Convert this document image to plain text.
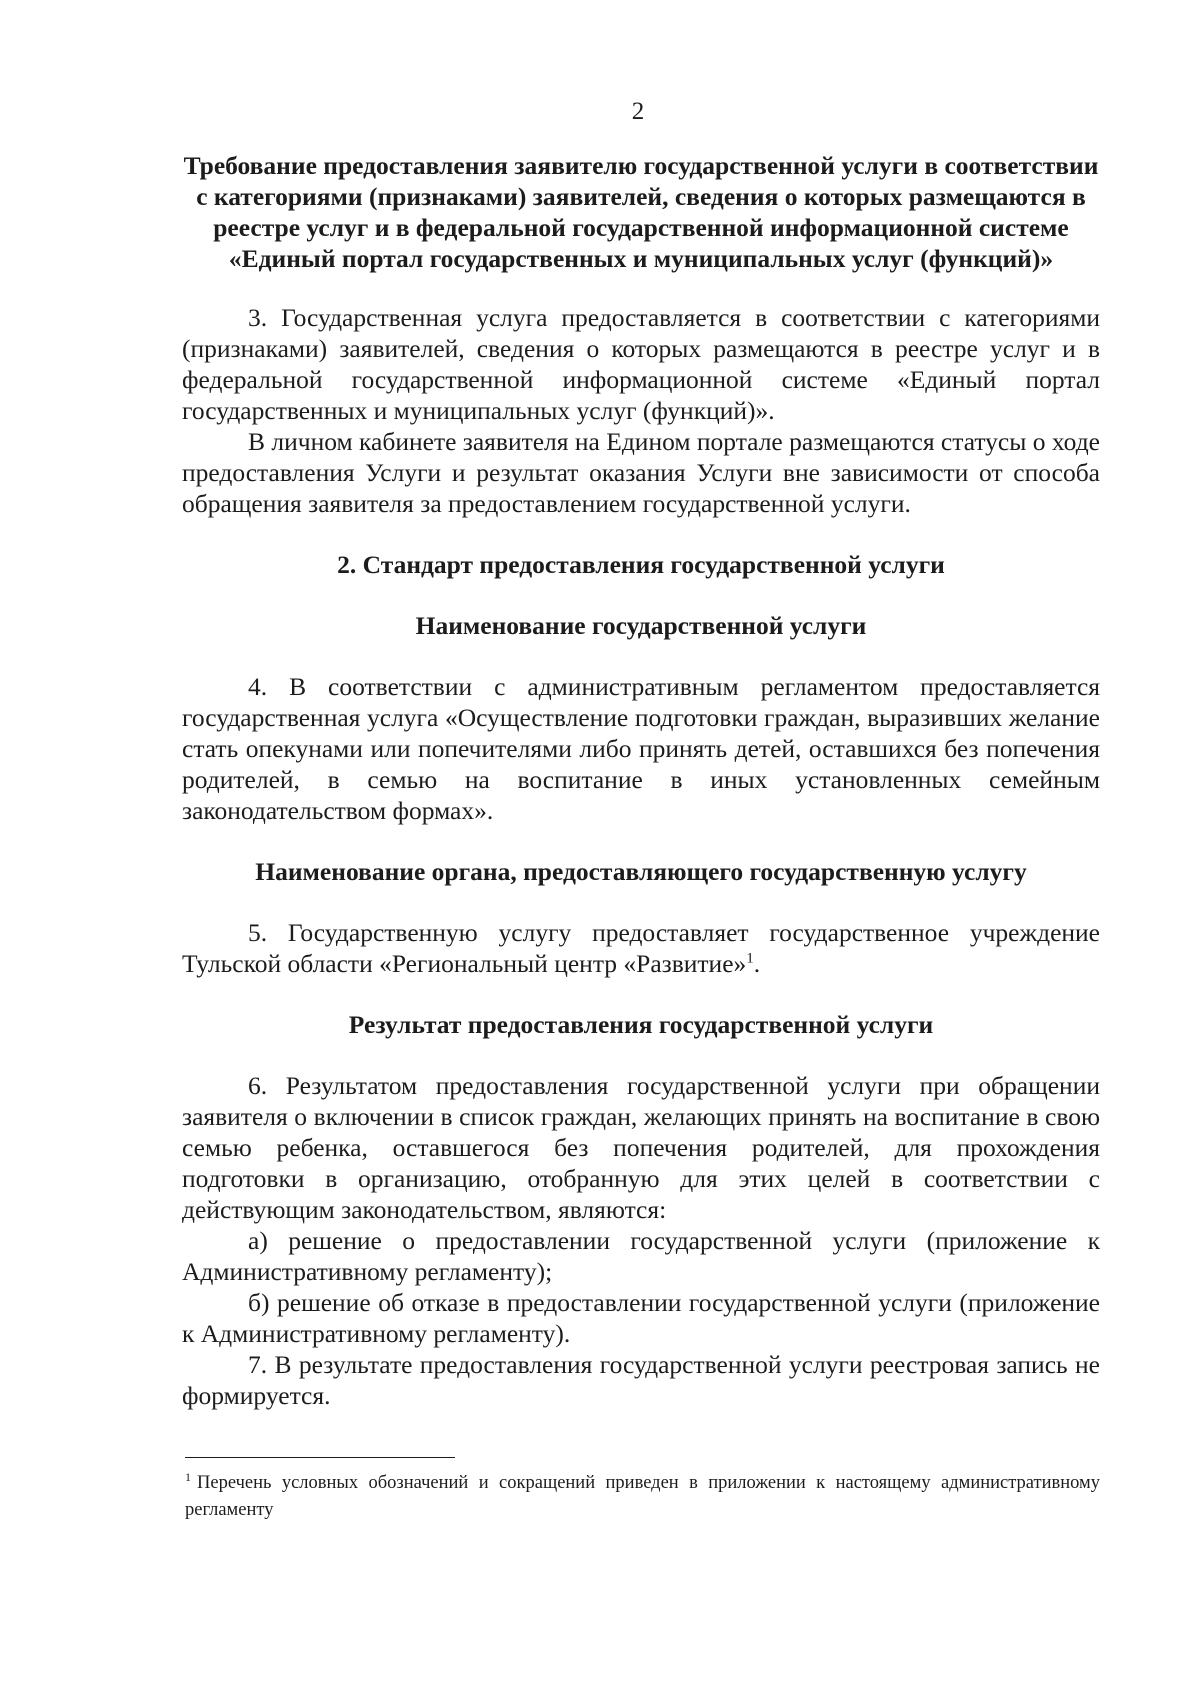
2
Требование предоставления заявителю государственной услуги в соответствии с категориями (признаками) заявителей, сведения о которых размещаются в реестре услуг и в федеральной государственной информационной системе «Единый портал государственных и муниципальных услуг (функций)»

3. Государственная услуга предоставляется в соответствии с категориями (признаками) заявителей, сведения о которых размещаются в реестре услуг и в федеральной государственной информационной системе «Единый портал государственных и муниципальных услуг (функций)».

В личном кабинете заявителя на Едином портале размещаются статусы о ходе предоставления Услуги и результат оказания Услуги вне зависимости от способа обращения заявителя за предоставлением государственной услуги.

2. Стандарт предоставления государственной услуги
Наименование государственной услуги

4. В соответствии с административным регламентом предоставляется государственная услуга «Осуществление подготовки граждан, выразивших желание стать опекунами или попечителями либо принять детей, оставшихся без попечения родителей, в семью на воспитание в иных установленных семейным законодательством формах».

Наименование органа, предоставляющего государственную услугу

5. Государственную услугу предоставляет государственное учреждение Тульской области «Региональный центр «Развитие»$^1$.

Результат предоставления государственной услуги

6. Результатом предоставления государственной услуги при обращении заявителя о включении в список граждан, желающих принять на воспитание в свою семью ребенка, оставшегося без попечения родителей, для прохождения подготовки в организацию, отобранную для этих целей в соответствии с действующим законодательством, являются:

а) решение о предоставлении государственной услуги (приложение к Административному регламенту);

б) решение об отказе в предоставлении государственной услуги (приложение к Административному регламенту).

7. В результате предоставления государственной услуги реестровая запись не формируется.

$^1$ Перечень условных обозначений и сокращений приведен в приложении к настоящему административному регламенту
